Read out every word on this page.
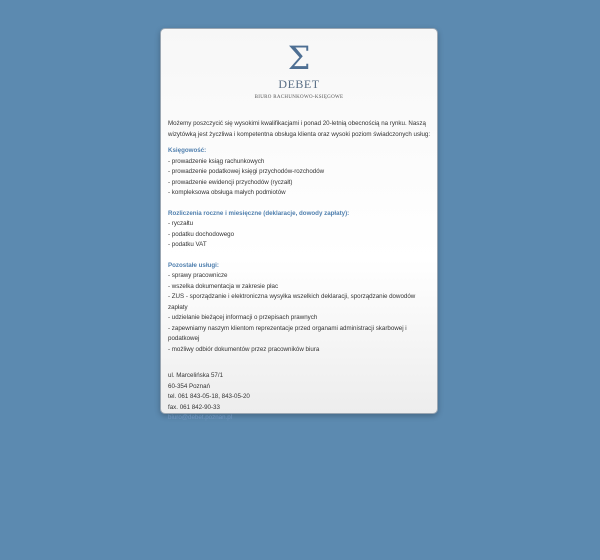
Σ
DEBET
BIURO RACHUNKOWO-KSIĘGOWE

Możemy poszczycić się wysokimi kwalifikacjami i ponad 20-letnią obecnością na rynku. Naszą wizytówką jest życzliwa i kompetentna obsługa klienta oraz wysoki poziom świadczonych usług:

Księgowość:

- prowadzenie ksiąg rachunkowych

- prowadzenie podatkowej księgi przychodów-rozchodów

- prowadzenie ewidencji przychodów (ryczałt)

- kompleksowa obsługa małych podmiotów

Rozliczenia roczne i miesięczne (deklaracje, dowody zapłaty):

- ryczałtu

- podatku dochodowego

- podatku VAT

Pozostałe usługi:

- sprawy pracownicze

- wszelka dokumentacja w zakresie płac

- ZUS - sporządzanie i elektroniczna wysyłka wszelkich deklaracji, sporządzanie dowodów zapłaty

- udzielanie bieżącej informacji o przepisach prawnych

- zapewniamy naszym klientom reprezentacje przed organami administracji skarbowej i podatkowej

- możliwy odbiór dokumentów przez pracowników biura

ul. Marcelińska 57/1

60-354 Poznań

tel. 061 843-05-18, 843-05-20

fax. 061 842-90-33

biuro@debet.poznan.pl
